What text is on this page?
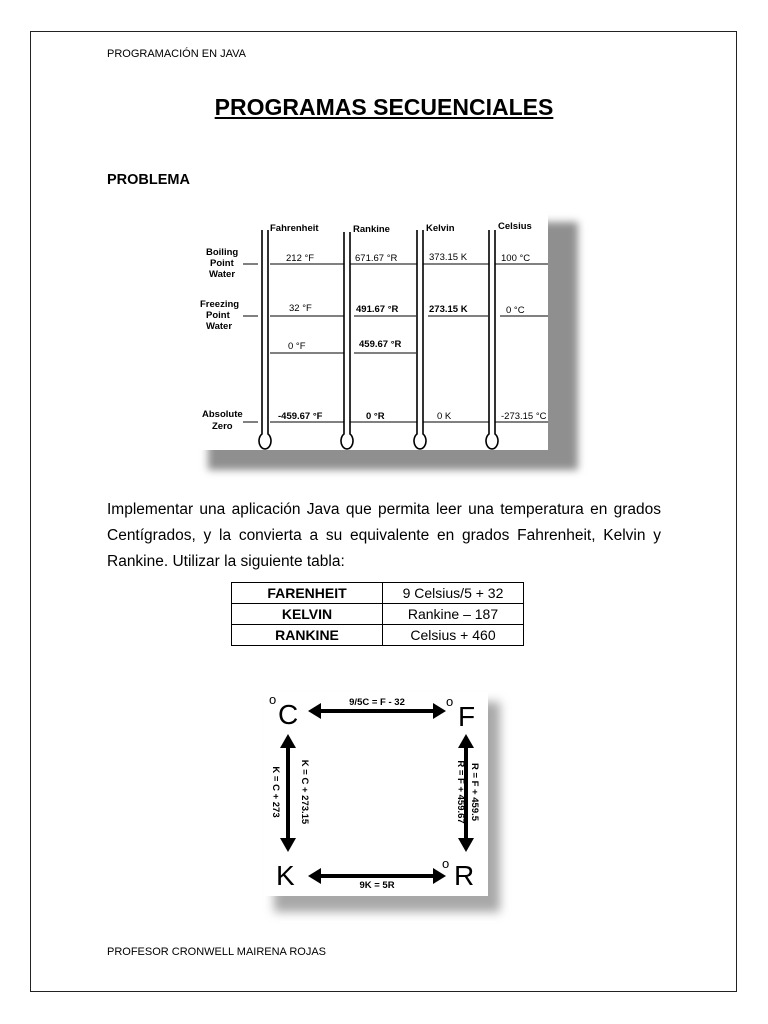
PROGRAMACIÓN EN JAVA
PROGRAMAS SECUENCIALES
PROBLEMA
Fahrenheit	Rankine	Kelvin	Celsius
Boiling
Point
Water
Freezing
Point
Water
Absolute
Zero
212 °F
32 °F
0 °F
-459.67 °F
671.67 °R
491.67 °R
459.67 °R
0 °R
373.15 K
273.15 K
0 K
100 °C
0 °C
-273.15 °C
Implementar una aplicación Java que permita leer una temperatura en grados Centígrados, y la convierta a su equivalente en grados Fahrenheit, Kelvin y Rankine. Utilizar la siguiente tabla:
FARENHEIT	9 Celsius/5 + 32
KELVIN	Rankine – 187
RANKINE	Celsius + 460
o C	o F
K	o R
9/5C = F - 32
9K = 5R
K = C + 273.15
K = C + 273	R = F + 459.5
R = F + 459.67
PROFESOR CRONWELL MAIRENA ROJAS
